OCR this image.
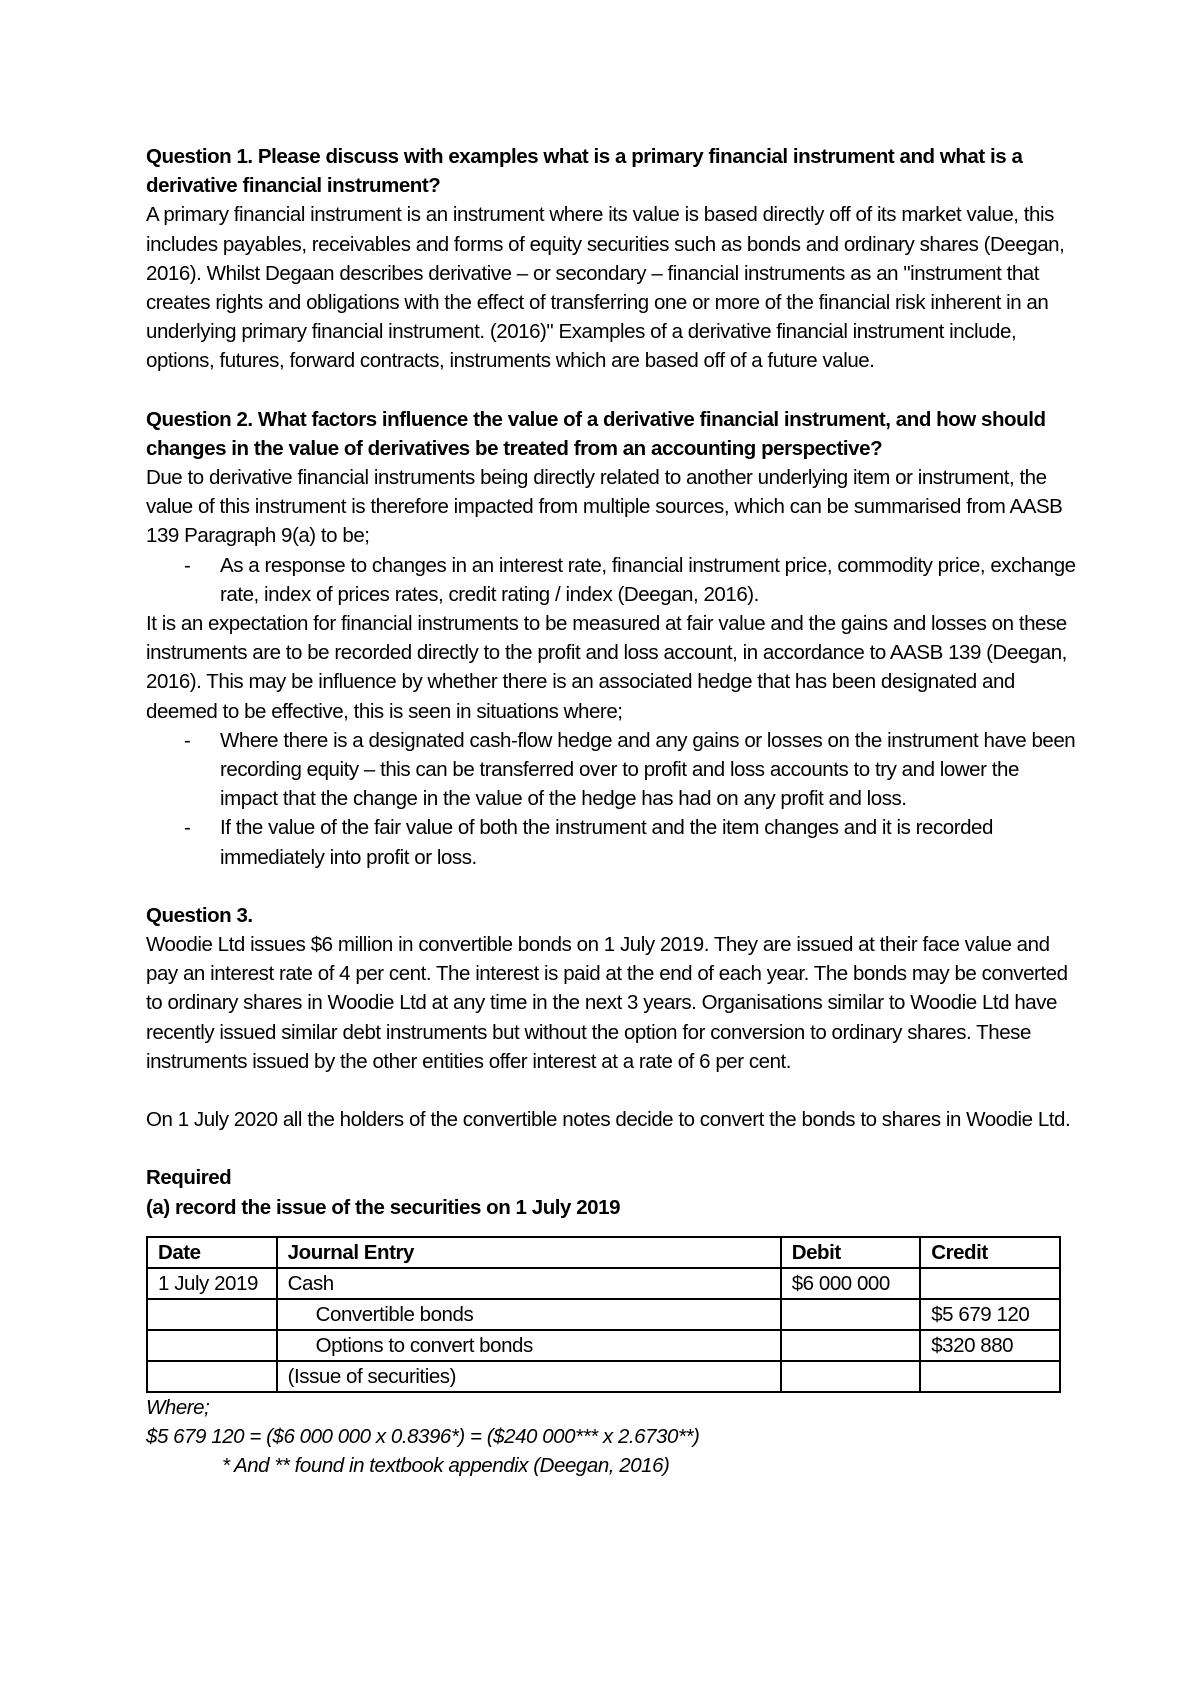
Question 1. Please discuss with examples what is a primary financial instrument and what is a derivative financial instrument?

A primary financial instrument is an instrument where its value is based directly off of its market value, this includes payables, receivables and forms of equity securities such as bonds and ordinary shares (Deegan, 2016). Whilst Degaan describes derivative – or secondary – financial instruments as an "instrument that creates rights and obligations with the effect of transferring one or more of the financial risk inherent in an underlying primary financial instrument. (2016)" Examples of a derivative financial instrument include, options, futures, forward contracts, instruments which are based off of a future value.

Question 2. What factors influence the value of a derivative financial instrument, and how should changes in the value of derivatives be treated from an accounting perspective?

Due to derivative financial instruments being directly related to another underlying item or instrument, the value of this instrument is therefore impacted from multiple sources, which can be summarised from AASB 139 Paragraph 9(a) to be;

- As a response to changes in an interest rate, financial instrument price, commodity price, exchange rate, index of prices rates, credit rating / index (Deegan, 2016).

It is an expectation for financial instruments to be measured at fair value and the gains and losses on these instruments are to be recorded directly to the profit and loss account, in accordance to AASB 139 (Deegan, 2016). This may be influence by whether there is an associated hedge that has been designated and deemed to be effective, this is seen in situations where;

- Where there is a designated cash-flow hedge and any gains or losses on the instrument have been recording equity – this can be transferred over to profit and loss accounts to try and lower the impact that the change in the value of the hedge has had on any profit and loss.
- If the value of the fair value of both the instrument and the item changes and it is recorded immediately into profit or loss.

Question 3.

Woodie Ltd issues $6 million in convertible bonds on 1 July 2019. They are issued at their face value and pay an interest rate of 4 per cent. The interest is paid at the end of each year. The bonds may be converted to ordinary shares in Woodie Ltd at any time in the next 3 years. Organisations similar to Woodie Ltd have recently issued similar debt instruments but without the option for conversion to ordinary shares. These instruments issued by the other entities offer interest at a rate of 6 per cent.

On 1 July 2020 all the holders of the convertible notes decide to convert the bonds to shares in Woodie Ltd.

Required

(a) record the issue of the securities on 1 July 2019

Date	Journal Entry	Debit	Credit
1 July 2019	Cash	$6 000 000	
	Convertible bonds		$5 679 120
	Options to convert bonds		$320 880
	(Issue of securities)		

Where;

$5 679 120 = ($6 000 000 x 0.8396*) = ($240 000*** x 2.6730**)

* And ** found in textbook appendix (Deegan, 2016)
